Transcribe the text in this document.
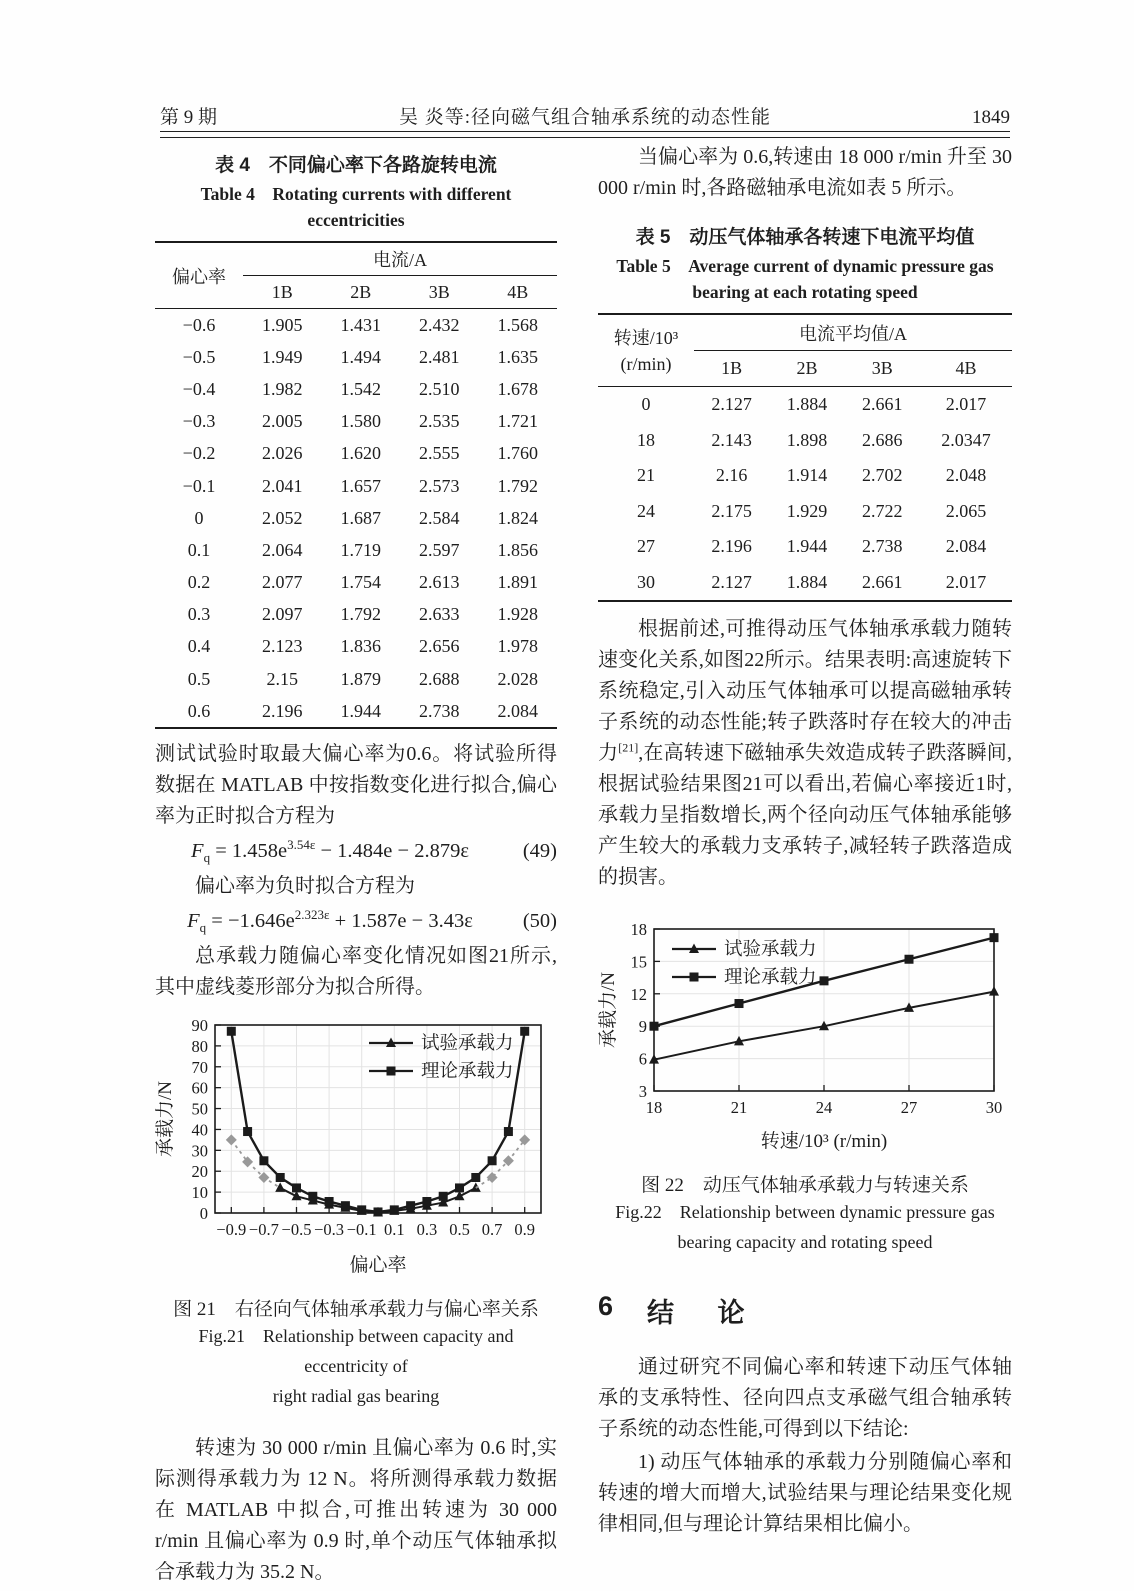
第 9 期	吴 炎等:径向磁气组合轴承系统的动态性能	1849
表 4　不同偏心率下各路旋转电流
Table 4　Rotating currents with different eccentricities
偏心率	电流/A			
	1B	2B	3B	4B
−0.6	1.905	1.431	2.432	1.568
−0.5	1.949	1.494	2.481	1.635
−0.4	1.982	1.542	2.510	1.678
−0.3	2.005	1.580	2.535	1.721
−0.2	2.026	1.620	2.555	1.760
−0.1	2.041	1.657	2.573	1.792
0	2.052	1.687	2.584	1.824
0.1	2.064	1.719	2.597	1.856
0.2	2.077	1.754	2.613	1.891
0.3	2.097	1.792	2.633	1.928
0.4	2.123	1.836	2.656	1.978
0.5	2.15	1.879	2.688	2.028
0.6	2.196	1.944	2.738	2.084

测试试验时取最大偏心率为0.6。将试验所得数据在 MATLAB 中按指数变化进行拟合,偏心率为正时拟合方程为

$F_q = 1.458e^{3.54\varepsilon} - 1.484e - 2.879\varepsilon$	(49)

偏心率为负时拟合方程为

$F_q = -1.646e^{2.323\varepsilon} + 1.587e - 3.43\varepsilon$	(50)

总承载力随偏心率变化情况如图21所示,其中虚线菱形部分为拟合所得。

−0.9 −0.7 −0.5 −0.3 −0.1 0.1 0.3 0.5 0.7 0.9
0
10
20
30
40
50
60
70
80
90
偏心率
承载力/N
试验承载力
理论承载力
图 21　右径向气体轴承承载力与偏心率关系
Fig.21　Relationship between capacity and eccentricity of
right radial gas bearing

转速为 30 000 r/min 且偏心率为 0.6 时,实际测得承载力为 12 N。将所测得承载力数据在 MATLAB 中拟合,可推出转速为 30 000 r/min 且偏心率为 0.9 时,单个动压气体轴承拟合承载力为 35.2 N。

当偏心率为 0.6,转速由 18 000 r/min 升至 30 000 r/min 时,各路磁轴承电流如表 5 所示。

表 5　动压气体轴承各转速下电流平均值
Table 5　Average current of dynamic pressure gas
bearing at each rotating speed
转速/10³
(r/min)	电流平均值/A			
	1B	2B	3B	4B
0	2.127	1.884	2.661	2.017
18	2.143	1.898	2.686	2.0347
21	2.16	1.914	2.702	2.048
24	2.175	1.929	2.722	2.065
27	2.196	1.944	2.738	2.084
30	2.127	1.884	2.661	2.017

根据前述,可推得动压气体轴承承载力随转速变化关系,如图22所示。结果表明:高速旋转下系统稳定,引入动压气体轴承可以提高磁轴承转子系统的动态性能;转子跌落时存在较大的冲击力[21],在高转速下磁轴承失效造成转子跌落瞬间,根据试验结果图21可以看出,若偏心率接近1时,承载力呈指数增长,两个径向动压气体轴承能够产生较大的承载力支承转子,减轻转子跌落造成的损害。

18	21	24	27	30
3
6
9
12
15
18
转速/10³ (r/min)
承载力/N
试验承载力
理论承载力
图 22　动压气体轴承承载力与转速关系
Fig.22　Relationship between dynamic pressure gas
bearing capacity and rotating speed
6 结 论

通过研究不同偏心率和转速下动压气体轴承的支承特性、径向四点支承磁气组合轴承转子系统的动态性能,可得到以下结论:

1) 动压气体轴承的承载力分别随偏心率和转速的增大而增大,试验结果与理论结果变化规律相同,但与理论计算结果相比偏小。
